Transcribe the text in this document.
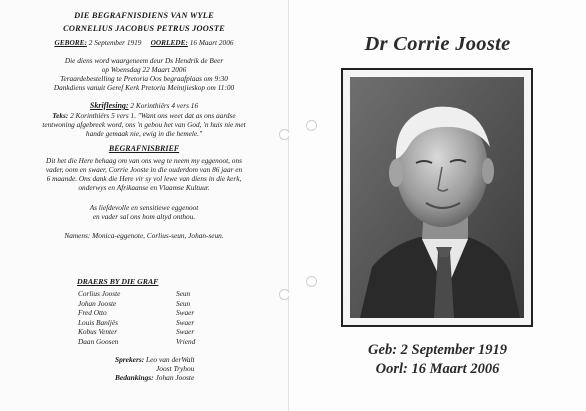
DIE BEGRAFNISDIENS VAN WYLE
CORNELIUS JACOBUS PETRUS JOOSTE
GEBORE: 2 September 1919 OORLEDE: 16 Maart 2006
Die diens word waargeneem deur Ds Hendrik de Beer
op Woensdag 22 Maart 2006
Teraardebestelling te Pretoria Oos begraafplaas om 9:30
Dankdiens vanuit Geref Kerk Pretoria Meintjieskop om 11:00
Skriflesing: 2 Korinthiërs 4 vers 16
Teks: 2 Korinthiërs 5 vers 1. "Want ons weet dat as ons aardse
tentwoning afgebreek word, ons 'n gebou het van God, 'n huis nie met
hande gemaak nie, ewig in die hemele."
BEGRAFNISBRIEF
Dit het die Here behaag om van ons weg te neem my eggenoot, ons
vader, oom en swaer, Corrie Jooste in die ouderdom van 86 jaar en
6 maande. Ons dank die Here vir sy vol lewe van diens in die kerk,
onderwys en Afrikaanse en Vlaamse Kultuur.
As liefdevolle en sensitiewe eggenoot
en vader sal ons hom altyd onthou.
Namens: Monica-eggenote, Corlius-seun, Johan-seun.
DRAERS BY DIE GRAF
Corlius Jooste	Seun
Johan Jooste	Seun
Fred Otto	Swaer
Louis Banljës	Swaer
Kobus Venter	Swaer
Daan Goosen	Vriend
Sprekers: Leo van derWalt
Joost Tryhou
Bedankings: Johan Jooste
Dr Corrie Jooste
Geb: 2 September 1919
Oorl: 16 Maart 2006
